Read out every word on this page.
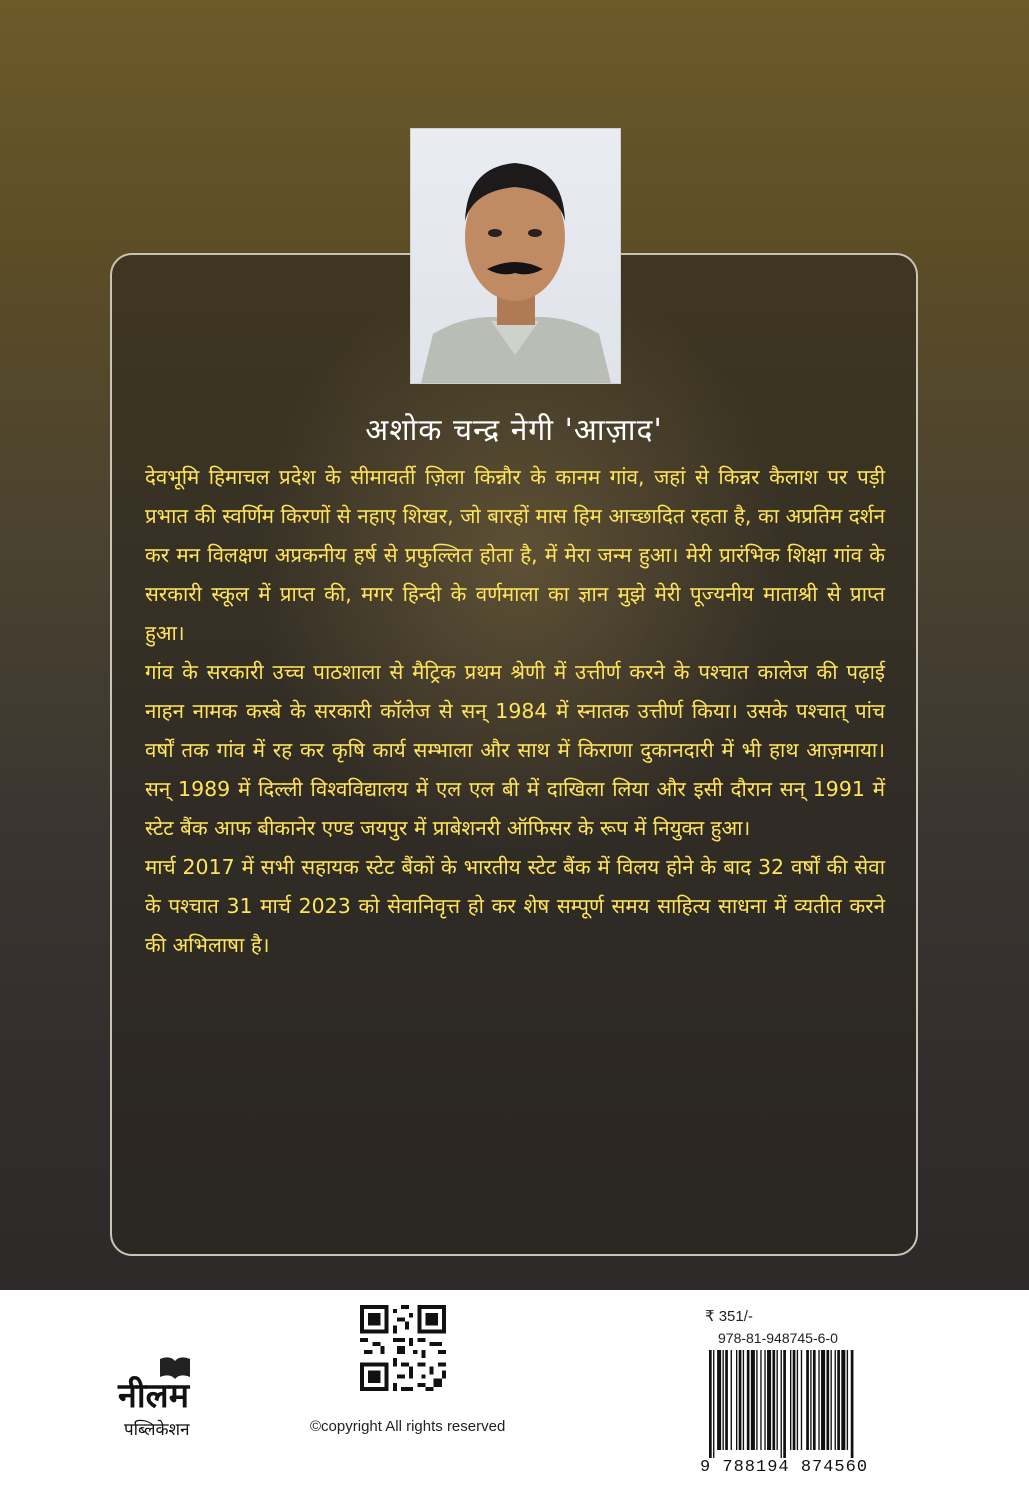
अशोक चन्द्र नेगी 'आज़ाद'

देवभूमि हिमाचल प्रदेश के सीमावर्ती ज़िला किन्नौर के कानम गांव, जहां से किन्नर कैलाश पर पड़ी प्रभात की स्वर्णिम किरणों से नहाए शिखर, जो बारहों मास हिम आच्छादित रहता है, का अप्रतिम दर्शन कर मन विलक्षण अप्रकनीय हर्ष से प्रफुल्लित होता है, में मेरा जन्म हुआ। मेरी प्रारंभिक शिक्षा गांव के सरकारी स्कूल में प्राप्त की, मगर हिन्दी के वर्णमाला का ज्ञान मुझे मेरी पूज्यनीय माताश्री से प्राप्त हुआ।

गांव के सरकारी उच्च पाठशाला से मैट्रिक प्रथम श्रेणी में उत्तीर्ण करने के पश्चात कालेज की पढ़ाई नाहन नामक कस्बे के सरकारी कॉलेज से सन् 1984 में स्नातक उत्तीर्ण किया। उसके पश्चात् पांच वर्षों तक गांव में रह कर कृषि कार्य सम्भाला और साथ में किराणा दुकानदारी में भी हाथ आज़माया। सन् 1989 में दिल्ली विश्वविद्यालय में एल एल बी में दाखिला लिया और इसी दौरान सन् 1991 में स्टेट बैंक आफ बीकानेर एण्ड जयपुर में प्राबेशनरी ऑफिसर के रूप में नियुक्त हुआ।

मार्च 2017 में सभी सहायक स्टेट बैंकों के भारतीय स्टेट बैंक में विलय होने के बाद 32 वर्षों की सेवा के पश्चात 31 मार्च 2023 को सेवानिवृत्त हो कर शेष सम्पूर्ण समय साहित्य साधना में व्यतीत करने की अभिलाषा है।

नीलम
पब्लिकेशन	©copyright All rights reserved
₹ 351/-
978-81-948745-6-0
9 788194 874560
